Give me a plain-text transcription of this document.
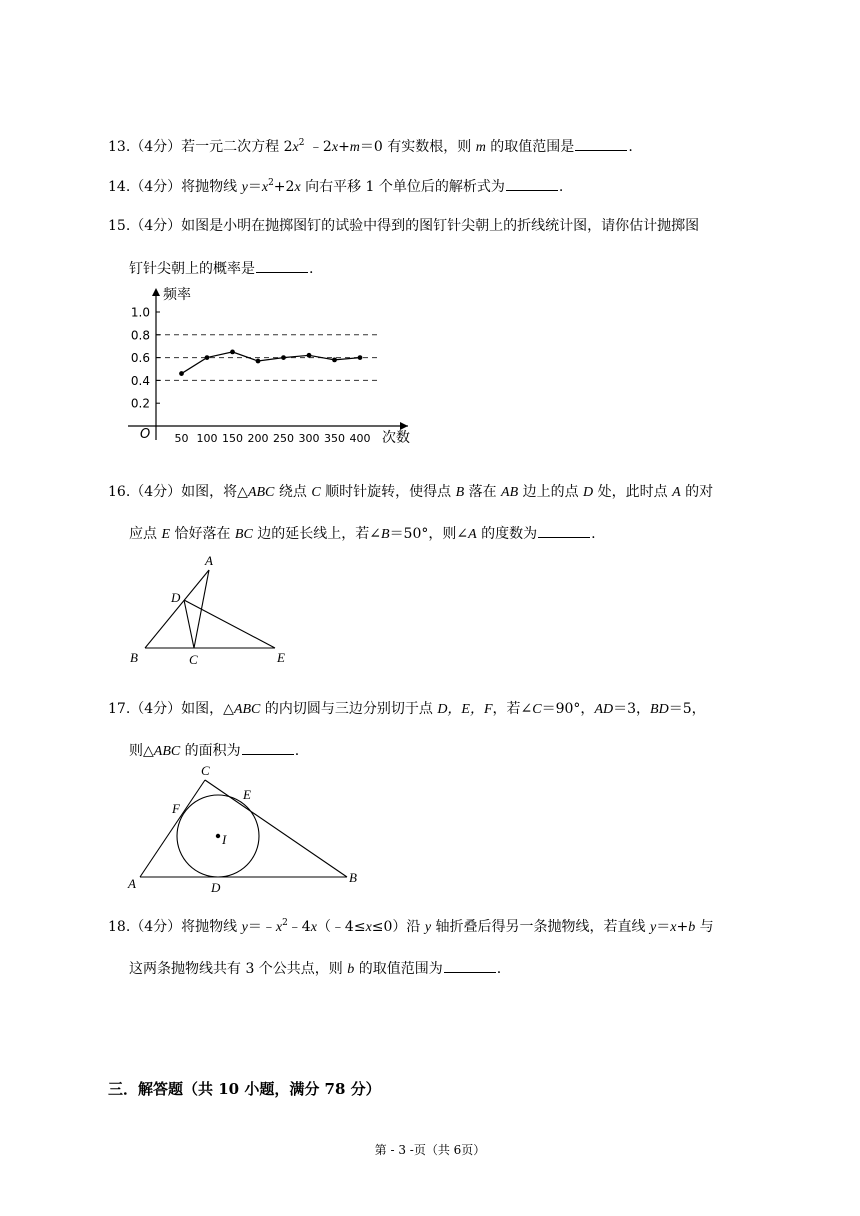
13.（4分）若一元二次方程 $2x^2$ ﹣2x+m＝0 有实数根，则 m 的取值范围是	.
14.（4分）将抛物线 $y=x^2+2x$ 向右平移 1 个单位后的解析式为	.
15.（4分）如图是小明在抛掷图钉的试验中得到的图钉针尖朝上的折线统计图，请你估计抛掷图
钉针尖朝上的概率是	.
频率
次数
O
1.0
0.8
0.6
0.4
0.2
50 100 150 200 250 300 350 400
16.（4分）如图，将△ABC 绕点 C 顺时针旋转，使得点 B 落在 AB 边上的点 D 处，此时点 A 的对
应点 E 恰好落在 BC 边的延长线上，若∠B＝50°，则∠A 的度数为	.
A
D
B	C	E
17.（4分）如图，△ABC 的内切圆与三边分别切于点 D，E，F，若∠C＝90°，AD＝3，BD＝5，
则△ABC 的面积为	.
C
E
F
I
A	D
B
18.（4分）将抛物线 $y=﹣x^2﹣4x(﹣4\le x\le 0)$沿 y 轴折叠后得另一条抛物线，若直线 y＝x+b 与
这两条抛物线共有 3 个公共点，则 b 的取值范围为	.
三．解答题（共 10 小题，满分 78 分）
第 - 3 -页（共 6页）
